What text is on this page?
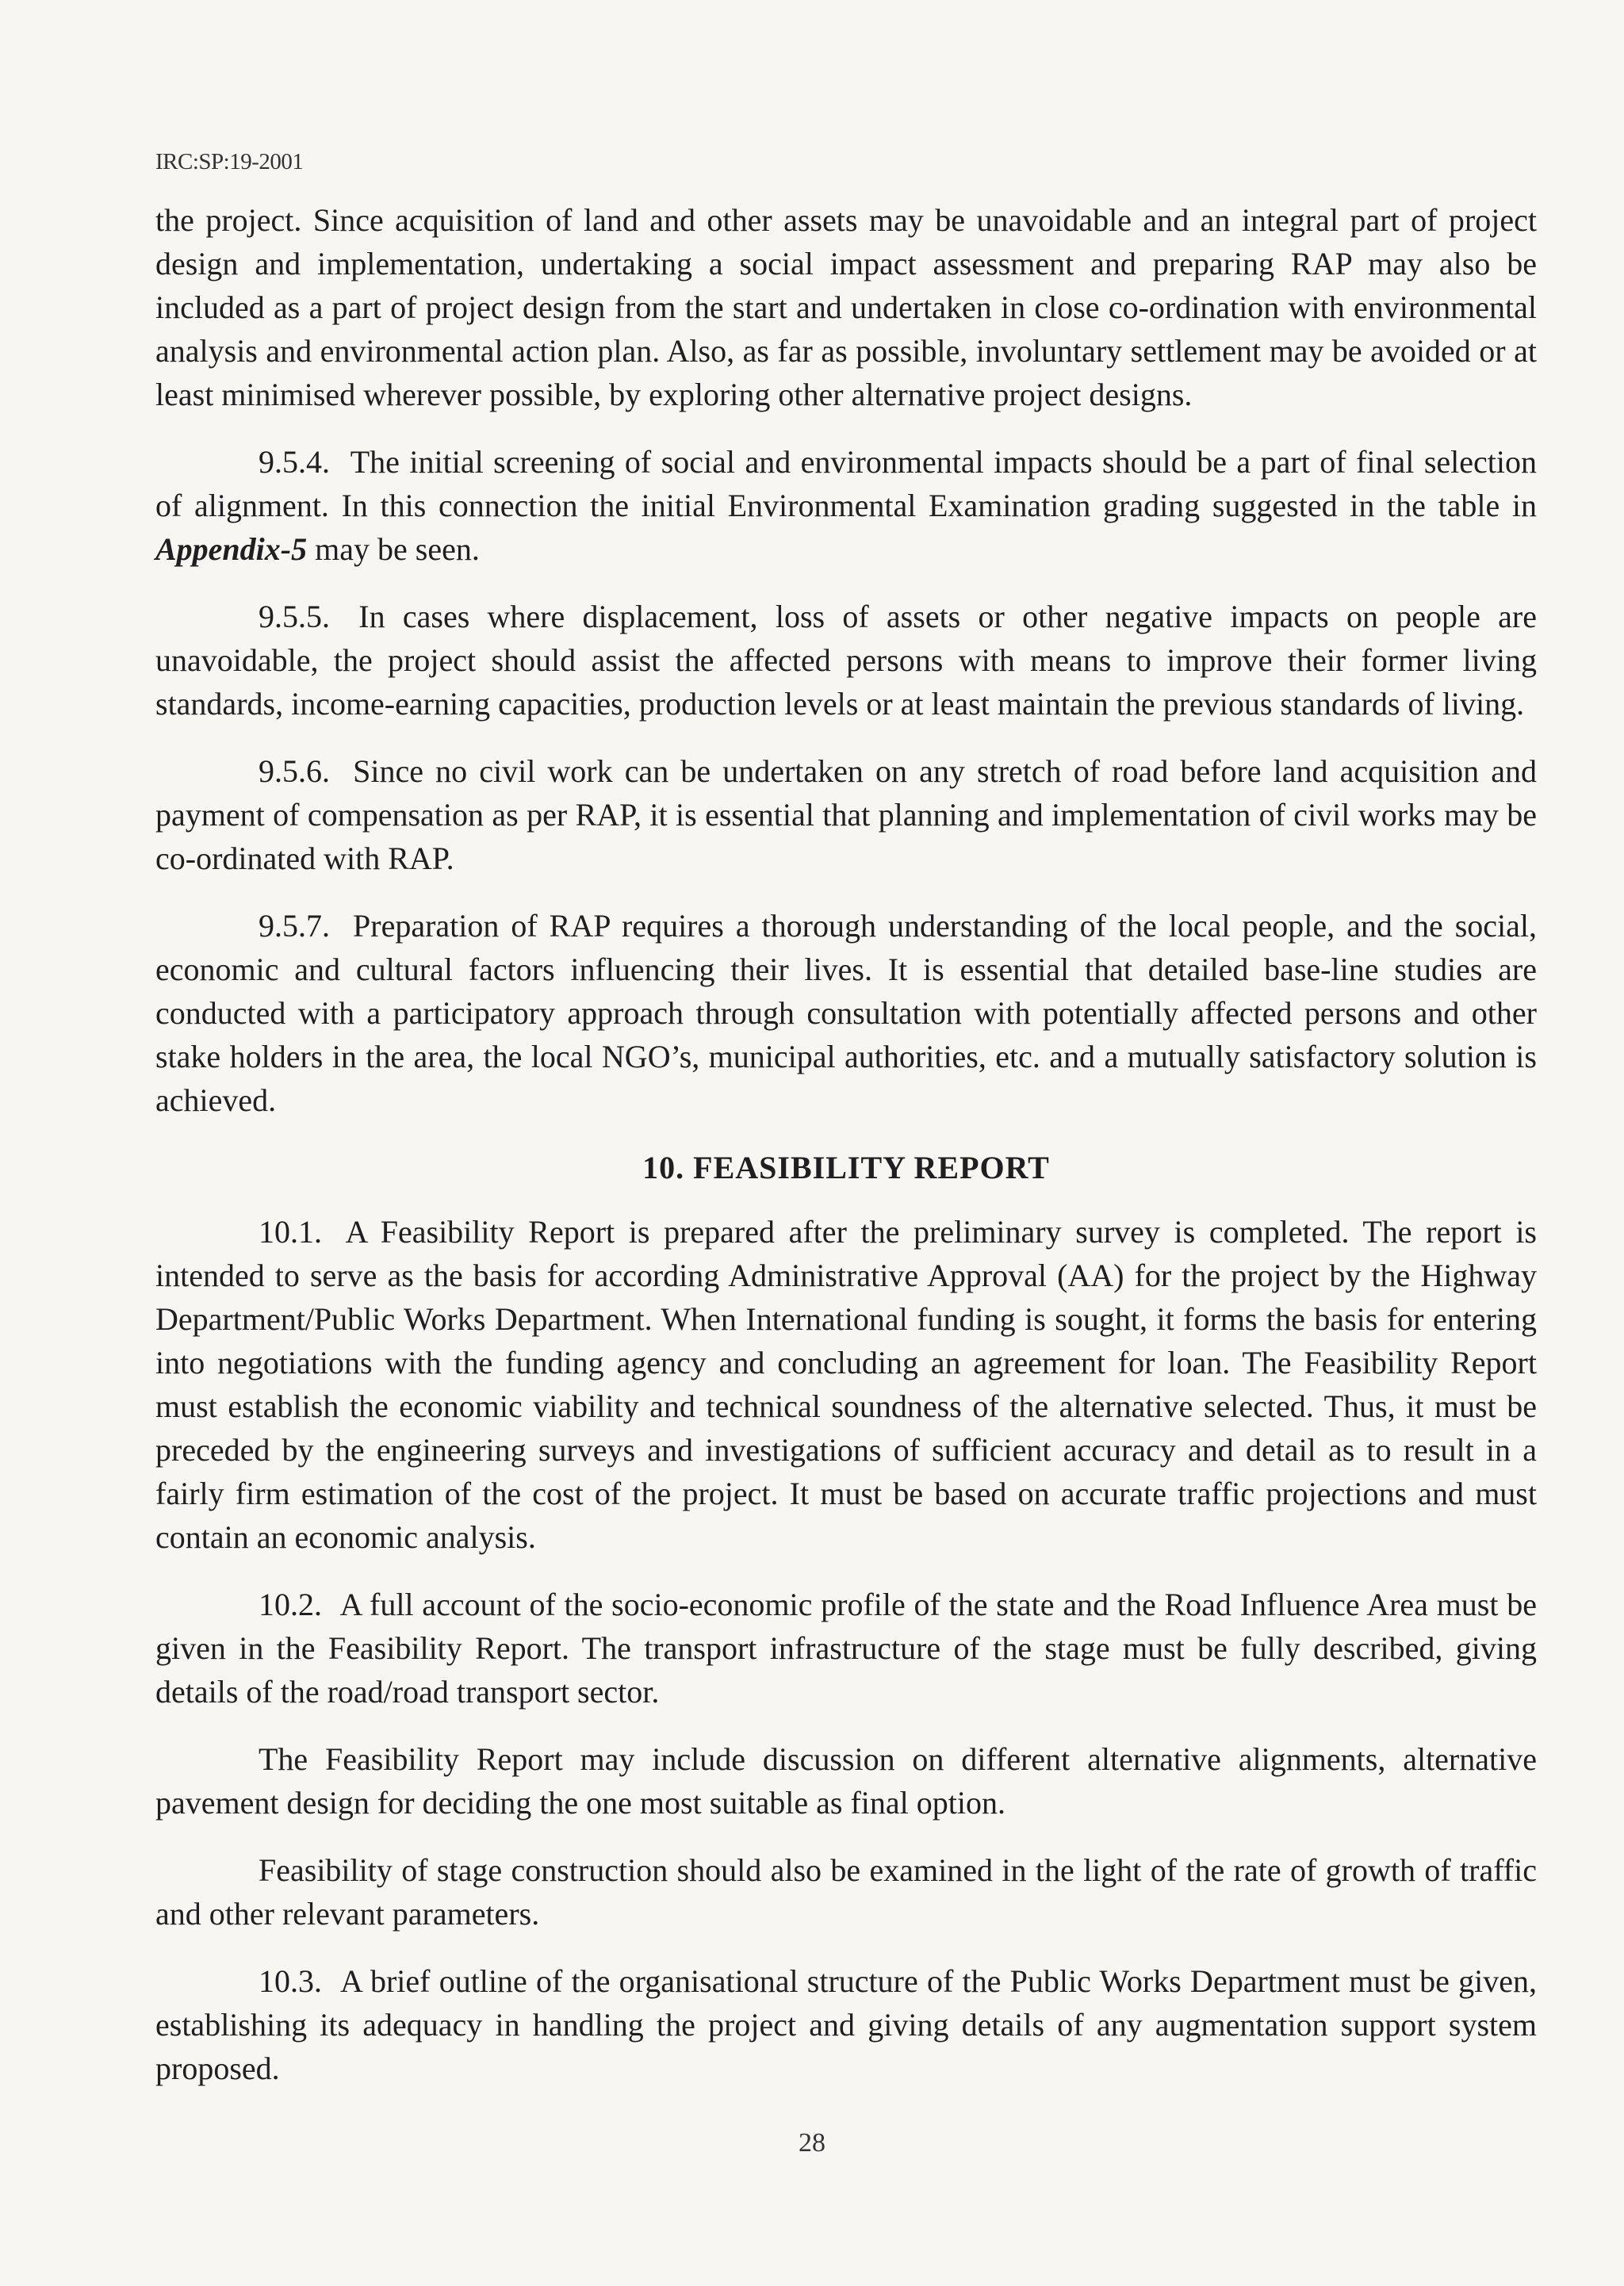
IRC:SP:19-2001

the project. Since acquisition of land and other assets may be unavoidable and an integral part of project design and implementation, undertaking a social impact assessment and preparing RAP may also be included as a part of project design from the start and undertaken in close co-ordination with environmental analysis and environmental action plan. Also, as far as possible, involuntary settlement may be avoided or at least minimised wherever possible, by exploring other alternative project designs.

9.5.4. The initial screening of social and environmental impacts should be a part of final selection of alignment. In this connection the initial Environmental Examination grading suggested in the table in Appendix-5 may be seen.

9.5.5. In cases where displacement, loss of assets or other negative impacts on people are unavoidable, the project should assist the affected persons with means to improve their former living standards, income-earning capacities, production levels or at least maintain the previous standards of living.

9.5.6. Since no civil work can be undertaken on any stretch of road before land acquisition and payment of compensation as per RAP, it is essential that planning and implementation of civil works may be co-ordinated with RAP.

9.5.7. Preparation of RAP requires a thorough understanding of the local people, and the social, economic and cultural factors influencing their lives. It is essential that detailed base-line studies are conducted with a participatory approach through consultation with potentially affected persons and other stake holders in the area, the local NGO’s, municipal authorities, etc. and a mutually satisfactory solution is achieved.

10. FEASIBILITY REPORT

10.1. A Feasibility Report is prepared after the preliminary survey is completed. The report is intended to serve as the basis for according Administrative Approval (AA) for the project by the Highway Department/Public Works Department. When International funding is sought, it forms the basis for entering into negotiations with the funding agency and concluding an agreement for loan. The Feasibility Report must establish the economic viability and technical soundness of the alternative selected. Thus, it must be preceded by the engineering surveys and investigations of sufficient accuracy and detail as to result in a fairly firm estimation of the cost of the project. It must be based on accurate traffic projections and must contain an economic analysis.

10.2. A full account of the socio-economic profile of the state and the Road Influence Area must be given in the Feasibility Report. The transport infrastructure of the stage must be fully described, giving details of the road/road transport sector.

The Feasibility Report may include discussion on different alternative alignments, alternative pavement design for deciding the one most suitable as final option.

Feasibility of stage construction should also be examined in the light of the rate of growth of traffic and other relevant parameters.

10.3. A brief outline of the organisational structure of the Public Works Department must be given, establishing its adequacy in handling the project and giving details of any augmentation support system proposed.

28
